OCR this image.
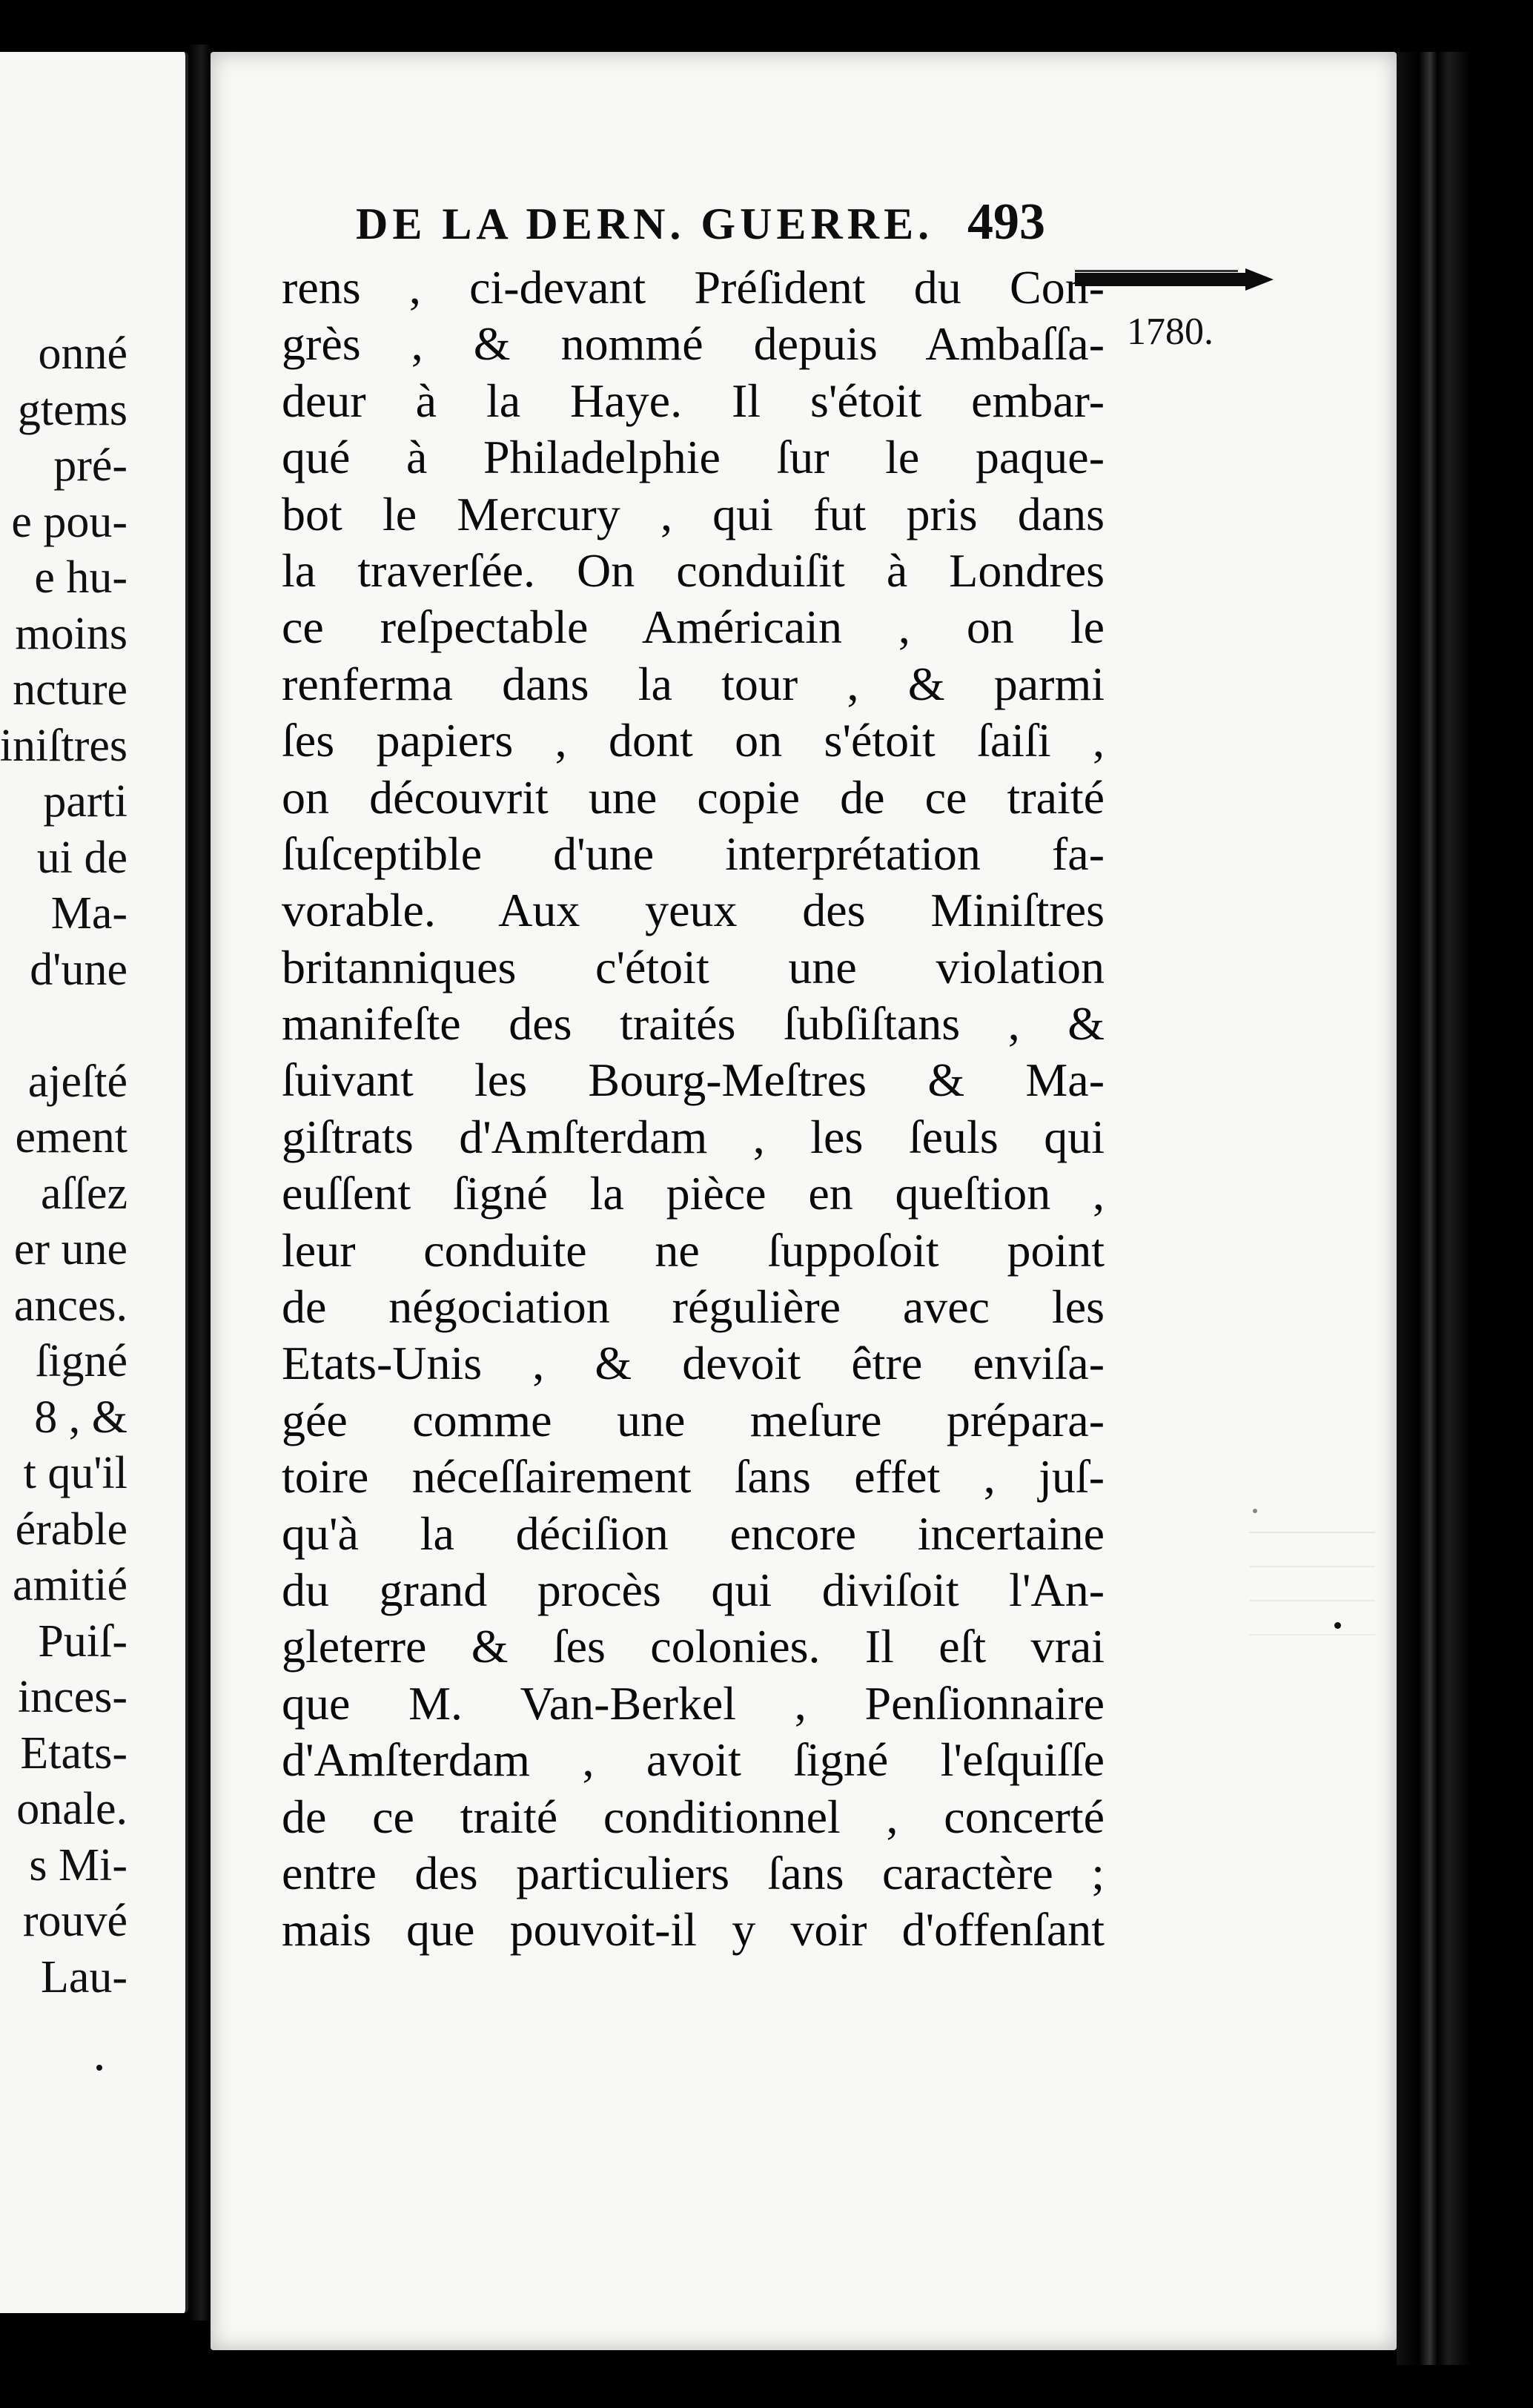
onné

gtems

pré-

e pou-

e hu-

moins

ncture

iniſtres

parti

ui de

Ma-

d'une

ajeſté

ement

aſſez

er une

ances.

ſigné

8 , &

t qu'il

érable

amitié

Puiſ-

inces-

Etats-

onale.

s Mi-

rouvé

Lau-

DE LA DERN. GUERRE. 493
1780.
rens , ci-devant Préſident du Con-
grès , & nommé depuis Ambaſſa-
deur à la Haye. Il s'étoit embar-
qué à Philadelphie ſur le paque-
bot le Mercury , qui fut pris dans
la traverſée. On conduiſit à Londres
ce reſpectable Américain , on le
renferma dans la tour , & parmi
ſes papiers , dont on s'étoit ſaiſi ,
on découvrit une copie de ce traité
ſuſceptible d'une interprétation fa-
vorable. Aux yeux des Miniſtres
britanniques c'étoit une violation
manifeſte des traités ſubſiſtans , &
ſuivant les Bourg-Meſtres & Ma-
giſtrats d'Amſterdam , les ſeuls qui
euſſent ſigné la pièce en queſtion ,
leur conduite ne ſuppoſoit point
de négociation régulière avec les
Etats-Unis , & devoit être enviſa-
gée comme une meſure prépara-
toire néceſſairement ſans effet , juſ-
qu'à la déciſion encore incertaine
du grand procès qui diviſoit l'An-
gleterre & ſes colonies. Il eſt vrai
que M. Van-Berkel , Penſionnaire
d'Amſterdam , avoit ſigné l'eſquiſſe
de ce traité conditionnel , concerté
entre des particuliers ſans caractère ;
mais que pouvoit-il y voir d'offenſant
